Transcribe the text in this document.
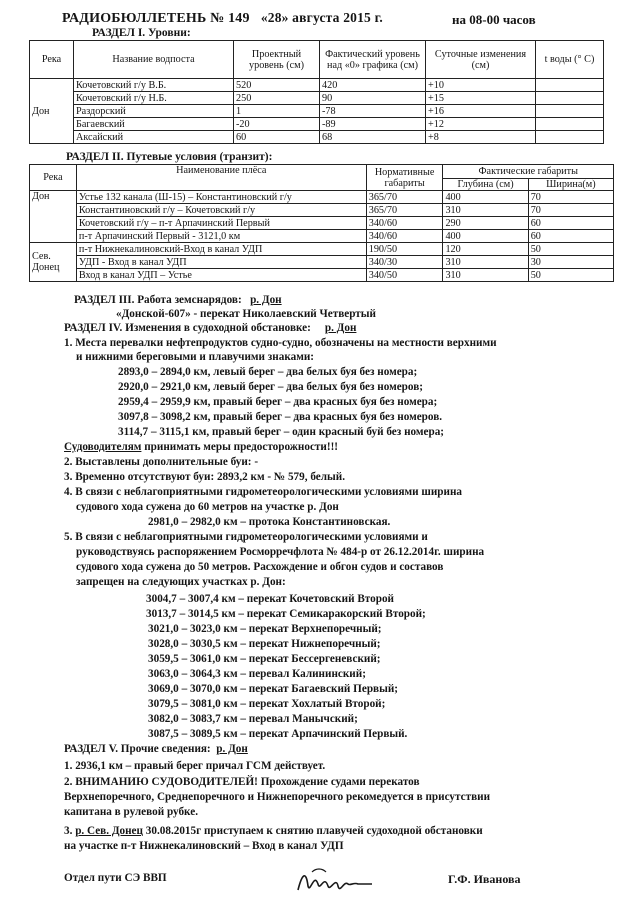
РАДИОБЮЛЛЕТЕНЬ № 149 «28» августа 2015 г.	на 08-00 часов
РАЗДЕЛ I. Уровни:
Река	Название водпоста	Проектный уровень (см)	Фактический уровень над «0» графика (см)	Суточные изменения (см)	t воды (° С)
Дон	Кочетовский г/у В.Б.	520	420	+10	
	Кочетовский г/у Н.Б.	250	90	+15	
	Раздорский	1	-78	+16	
	Багаевский	-20	-89	+12	
	Аксайский	60	68	+8	
РАЗДЕЛ II. Путевые условия (транзит):
Река	Наименование плёса	Нормативные габариты	Фактические габариты	
			Глубина (см)	Ширина(м)
Дон	Устье 132 канала (Ш-15) – Константиновский г/у	365/70	400	70
	Константиновский г/у – Кочетовский г/у	365/70	310	70
	Кочетовский г/у – п-т Арпачинский Первый	340/60	290	60
	п-т Арпачинский Первый - 3121,0 км	340/60	400	60
Сев. Донец	п-т Нижнекалиновский-Вход в канал УДП	190/50	120	50
	УДП - Вход в канал УДП	340/30	310	30
	Вход в канал УДП – Устье	340/50	310	50
РАЗДЕЛ III. Работа земснарядов: р. Дон
«Донской-607» - перекат Николаевский Четвертый
РАЗДЕЛ IV. Изменения в судоходной обстановке: р. Дон
1. Места перевалки нефтепродуктов судно-судно, обозначены на местности верхними
и нижними береговыми и плавучими знаками:
2893,0 – 2894,0 км, левый берег – два белых буя без номера;
2920,0 – 2921,0 км, левый берег – два белых буя без номеров;
2959,4 – 2959,9 км, правый берег – два красных буя без номера;
3097,8 – 3098,2 км, правый берег – два красных буя без номеров.
3114,7 – 3115,1 км, правый берег – один красный буй без номера;
Судоводителям принимать меры предосторожности!!!
2. Выставлены дополнительные буи: -
3. Временно отсутствуют буи: 2893,2 км - № 579, белый.
4. В связи с неблагоприятными гидрометеорологическими условиями ширина
судового хода сужена до 60 метров на участке р. Дон
2981,0 – 2982,0 км – протока Константиновская.
5. В связи с неблагоприятными гидрометеорологическими условиями и
руководствуясь распоряжением Росморречфлота № 484-р от 26.12.2014г. ширина
судового хода сужена до 50 метров. Расхождение и обгон судов и составов
запрещен на следующих участках р. Дон:
3004,7 – 3007,4 км – перекат Кочетовский Второй
3013,7 – 3014,5 км – перекат Семикаракорский Второй;
3021,0 – 3023,0 км – перекат Верхнепоречный;
3028,0 – 3030,5 км – перекат Нижнепоречный;
3059,5 – 3061,0 км – перекат Бессергеневский;
3063,0 – 3064,3 км – перевал Калининский;
3069,0 – 3070,0 км – перекат Багаевский Первый;
3079,5 – 3081,0 км – перекат Хохлатый Второй;
3082,0 – 3083,7 км – перевал Манычский;
3087,5 – 3089,5 км – перекат Арпачинский Первый.
РАЗДЕЛ V. Прочие сведения: р. Дон
1. 2936,1 км – правый берег причал ГСМ действует.
2. ВНИМАНИЮ СУДОВОДИТЕЛЕЙ! Прохождение судами перекатов
Верхнепоречного, Среднепоречного и Нижнепоречного рекомедуется в присутствии
капитана в рулевой рубке.
3. р. Сев. Донец 30.08.2015г приступаем к снятию плавучей судоходной обстановки
на участке п-т Нижнекалиновский – Вход в канал УДП
Отдел пути СЭ ВВП	Г.Ф. Иванова
